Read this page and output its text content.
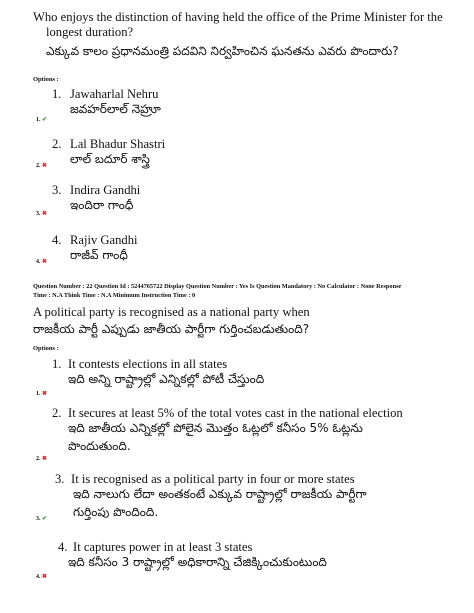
Who enjoys the distinction of having held the office of the Prime Minister for the
longest duration?
ఎక్కువ కాలం ప్రధానమంత్రి పదవిని నిర్వహించిన ఘనతను ఎవరు పొందారు?
Options :
1. Jawaharlal Nehru
జవహర్‌లాల్ నెహ్రూ
1. ✔
2. Lal Bhadur Shastri
లాల్ బదూర్ శాస్త్రి
2. ✖
3. Indira Gandhi
ఇందిరా గాంధీ
3. ✖
4. Rajiv Gandhi
రాజీవ్ గాంధీ
4. ✖
Question Number : 22 Question Id : 5244765722 Display Question Number : Yes Is Question Mandatory : No Calculator : None Response
Time : N.A Think Time : N.A Minimum Instruction Time : 0
A political party is recognised as a national party when
రాజకీయ పార్టీ ఎప్పుడు జాతీయ పార్టీగా గుర్తించబడుతుంది?
Options :
1. It contests elections in all states
ఇది అన్ని రాష్ట్రాల్లో ఎన్నికల్లో పోటీ చేస్తుంది
1. ✖
2. It secures at least 5% of the total votes cast in the national election
ఇది జాతీయ ఎన్నికల్లో పోలైన మొత్తం ఓట్లలో కనీసం 5% ఓట్లను
పొందుతుంది.
2. ✖
3. It is recognised as a political party in four or more states
ఇది నాలుగు లేదా అంతకంటే ఎక్కువ రాష్ట్రాల్లో రాజకీయ పార్టీగా
గుర్తింపు పొందింది.
3. ✔
4. It captures power in at least 3 states
ఇది కనీసం 3 రాష్ట్రాల్లో అధికారాన్ని చేజిక్కించుకుంటుంది
4. ✖
